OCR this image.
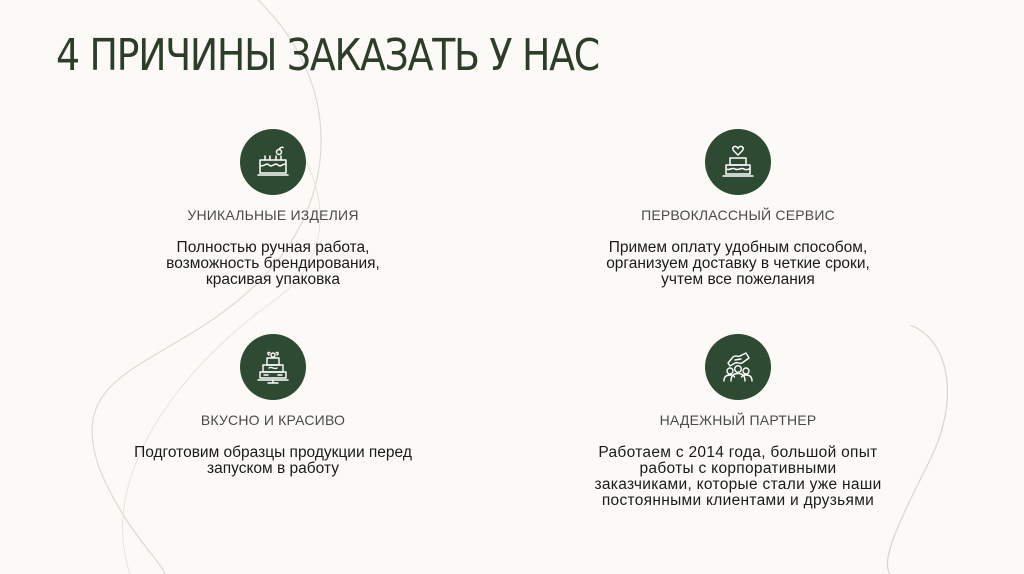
4 ПРИЧИНЫ ЗАКАЗАТЬ У НАС
УНИКАЛЬНЫЕ ИЗДЕЛИЯ
Полностью ручная работа, возможность брендирования, красивая упаковка
ПЕРВОКЛАССНЫЙ СЕРВИС
Примем оплату удобным способом, организуем доставку в четкие сроки, учтем все пожелания
ВКУСНО И КРАСИВО
Подготовим образцы продукции перед запуском в работу
НАДЕЖНЫЙ ПАРТНЕР
Работаем с 2014 года, большой опыт работы с корпоративными заказчиками, которые стали уже наши постоянными клиентами и друзьями
